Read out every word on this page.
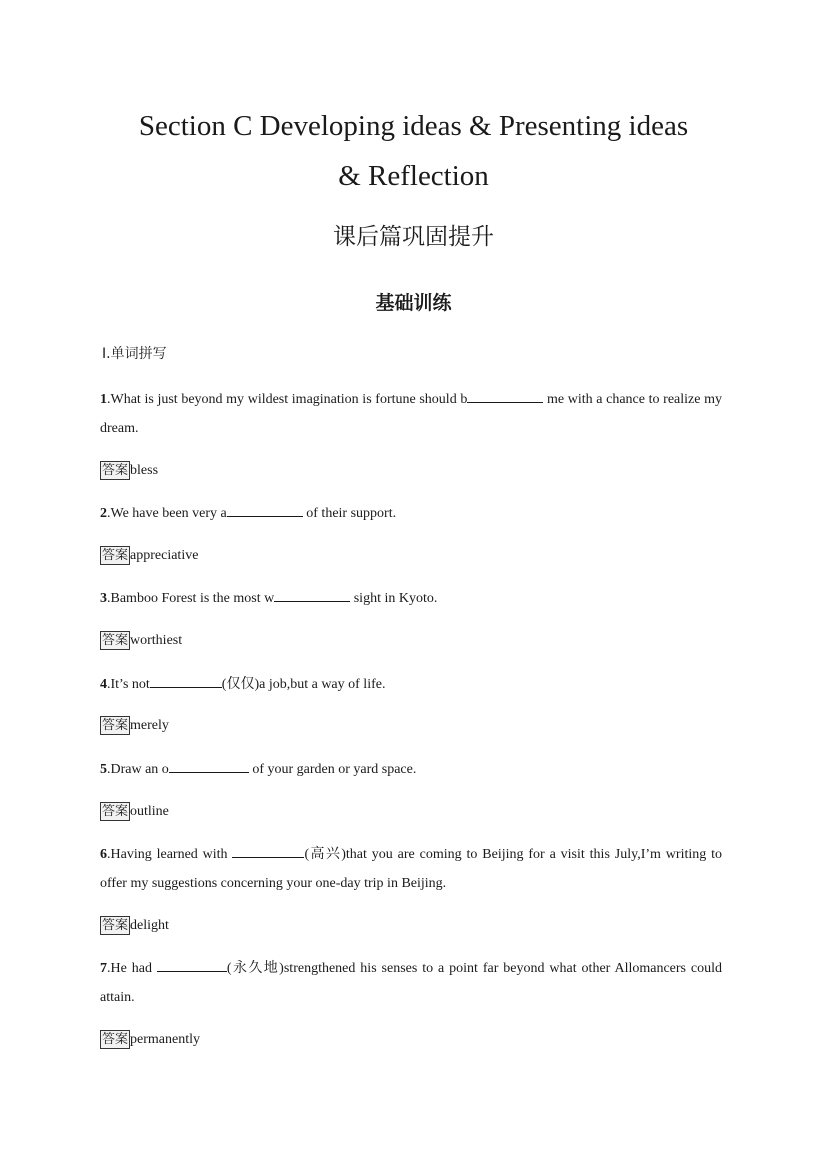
Section C Developing ideas & Presenting ideas
& Reflection
课后篇巩固提升
基础训练
Ⅰ.单词拼写
1.What is just beyond my wildest imagination is fortune should b	me with a chance to realize my dream.
答案 bless
2.We have been very a	of their support.
答案 appreciative
3.Bamboo Forest is the most w	sight in Kyoto.
答案 worthiest
4.It’s not	(仅仅)a job,but a way of life.
答案 merely
5.Draw an o	of your garden or yard space.
答案 outline
6.Having learned with	(高兴)that you are coming to Beijing for a visit this July,I’m writing to offer my suggestions concerning your one-day trip in Beijing.
答案 delight
7.He had	(永久地)strengthened his senses to a point far beyond what other Allomancers could attain.
答案 permanently
